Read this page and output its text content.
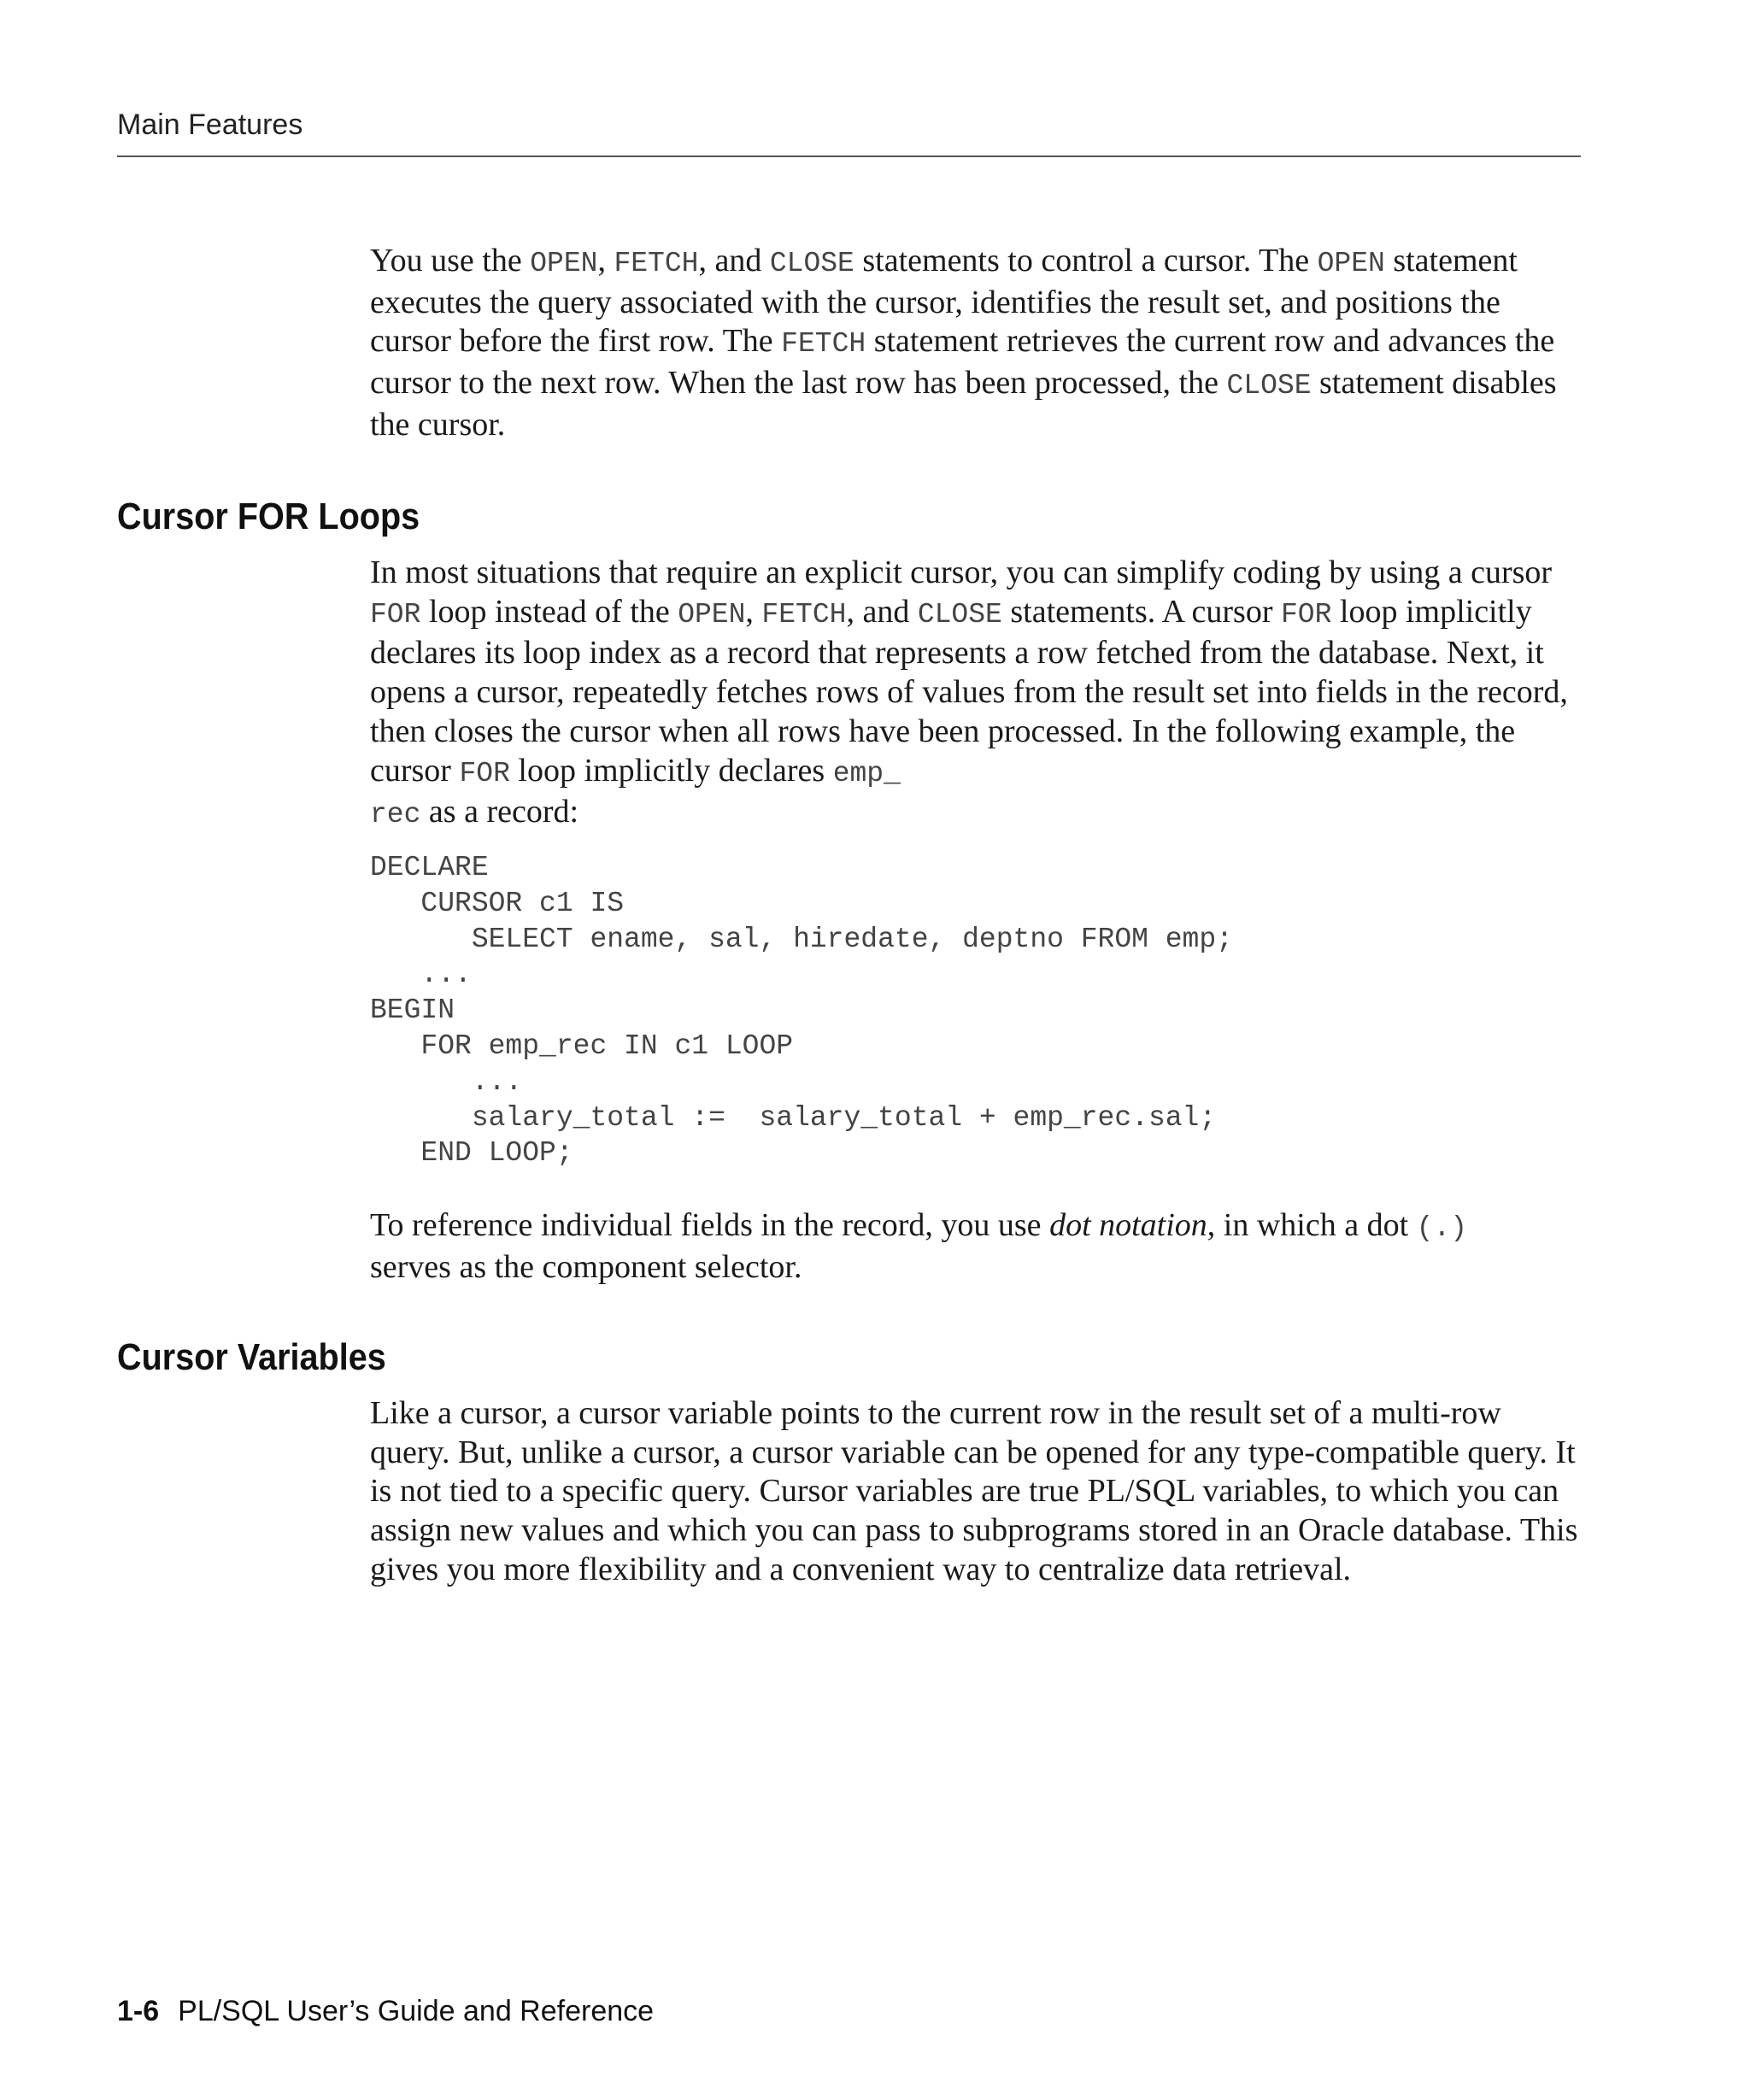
Main Features

You use the OPEN, FETCH, and CLOSE statements to control a cursor. The OPEN statement executes the query associated with the cursor, identifies the result set, and positions the cursor before the first row. The FETCH statement retrieves the current row and advances the cursor to the next row. When the last row has been processed, the CLOSE statement disables the cursor.

Cursor FOR Loops

In most situations that require an explicit cursor, you can simplify coding by using a cursor FOR loop instead of the OPEN, FETCH, and CLOSE statements. A cursor FOR loop implicitly declares its loop index as a record that represents a row fetched from the database. Next, it opens a cursor, repeatedly fetches rows of values from the result set into fields in the record, then closes the cursor when all rows have been processed. In the following example, the cursor FOR loop implicitly declares emp_
rec as a record:

DECLARE
CURSOR c1 IS
SELECT ename, sal, hiredate, deptno FROM emp;
...
BEGIN
FOR emp_rec IN c1 LOOP
...
salary_total :=  salary_total + emp_rec.sal;
END LOOP;

To reference individual fields in the record, you use dot notation, in which a dot (.)
serves as the component selector.

Cursor Variables

Like a cursor, a cursor variable points to the current row in the result set of a multi-row query. But, unlike a cursor, a cursor variable can be opened for any type-compatible query. It is not tied to a specific query. Cursor variables are true PL/SQL variables, to which you can assign new values and which you can pass to subprograms stored in an Oracle database. This gives you more flexibility and a convenient way to centralize data retrieval.

1-6 PL/SQL User’s Guide and Reference
